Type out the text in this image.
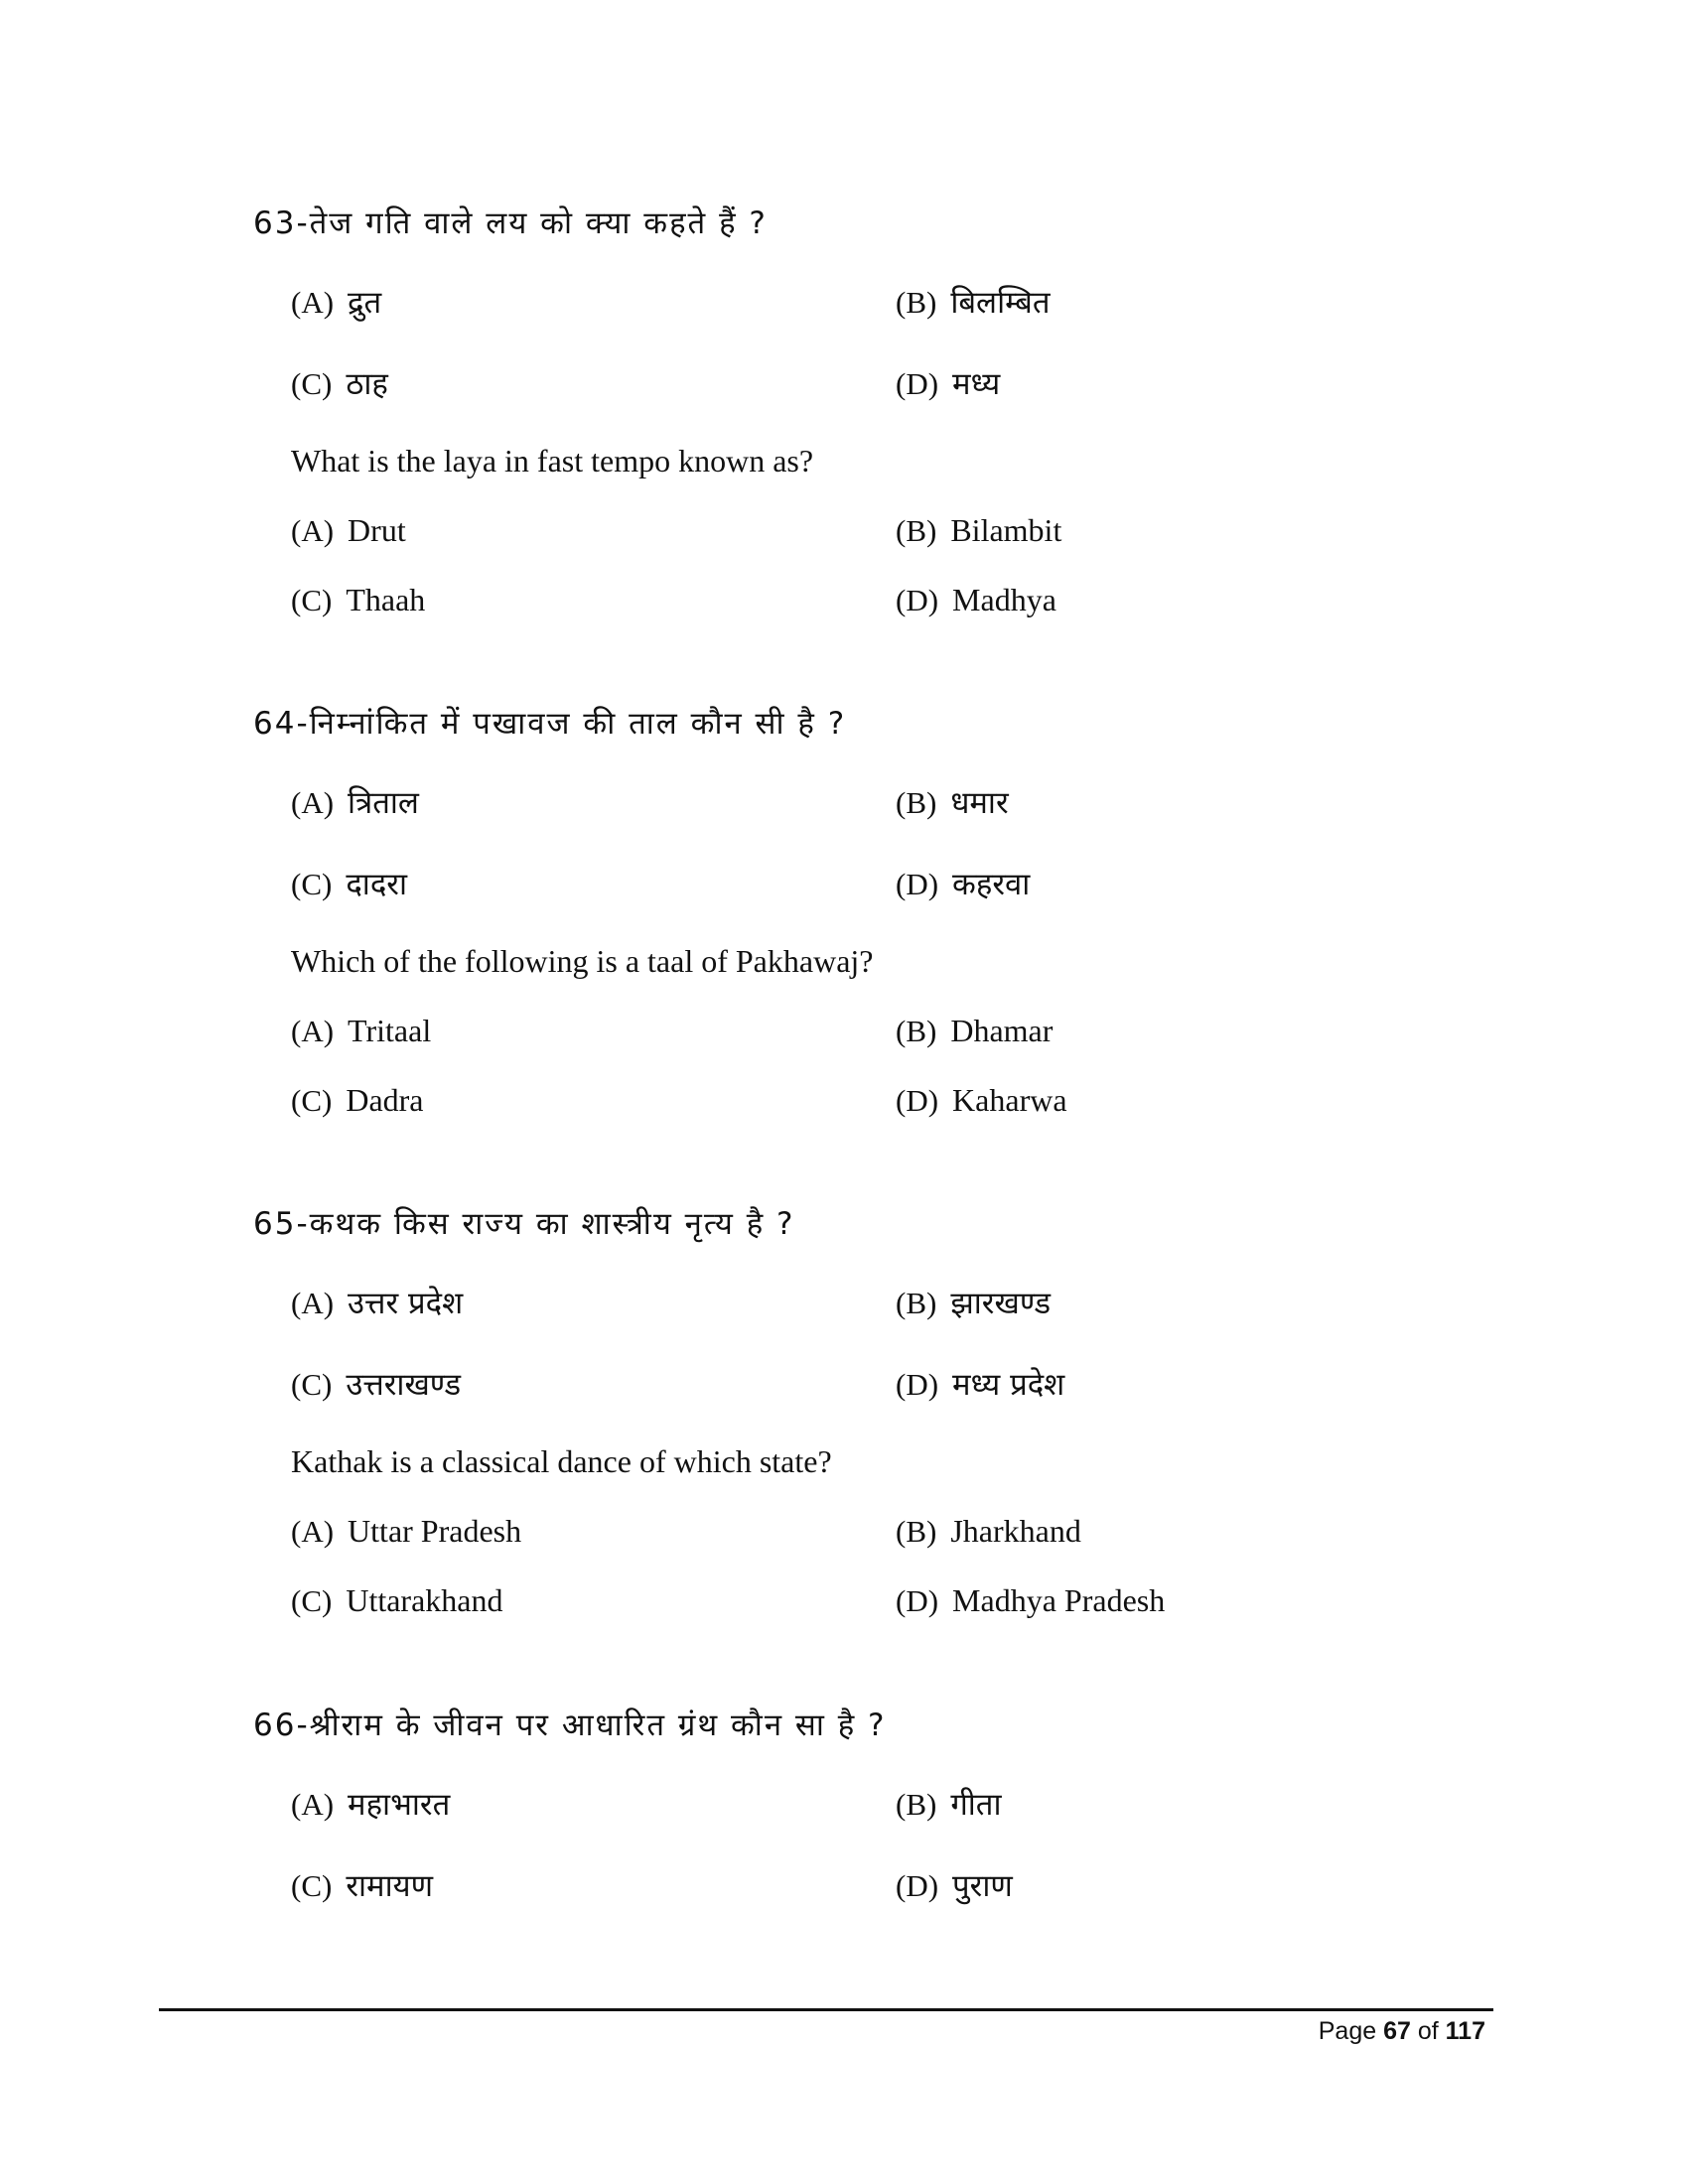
63-तेज गति वाले लय को क्या कहते हैं ?
(A) द्रुत	(B) बिलम्बित
(C) ठाह	(D) मध्य
What is the laya in fast tempo known as?
(A) Drut	(B) Bilambit
(C) Thaah	(D) Madhya
64-निम्नांकित में पखावज की ताल कौन सी है ?
(A) त्रिताल	(B) धमार
(C) दादरा	(D) कहरवा
Which of the following is a taal of Pakhawaj?
(A) Tritaal	(B) Dhamar
(C) Dadra	(D) Kaharwa
65-कथक किस राज्य का शास्त्रीय नृत्य है ?
(A) उत्तर प्रदेश	(B) झारखण्ड
(C) उत्तराखण्ड	(D) मध्य प्रदेश
Kathak is a classical dance of which state?
(A) Uttar Pradesh	(B) Jharkhand
(C) Uttarakhand	(D) Madhya Pradesh
66-श्रीराम के जीवन पर आधारित ग्रंथ कौन सा है ?
(A) महाभारत	(B) गीता
(C) रामायण	(D) पुराण
Page 67 of 117
